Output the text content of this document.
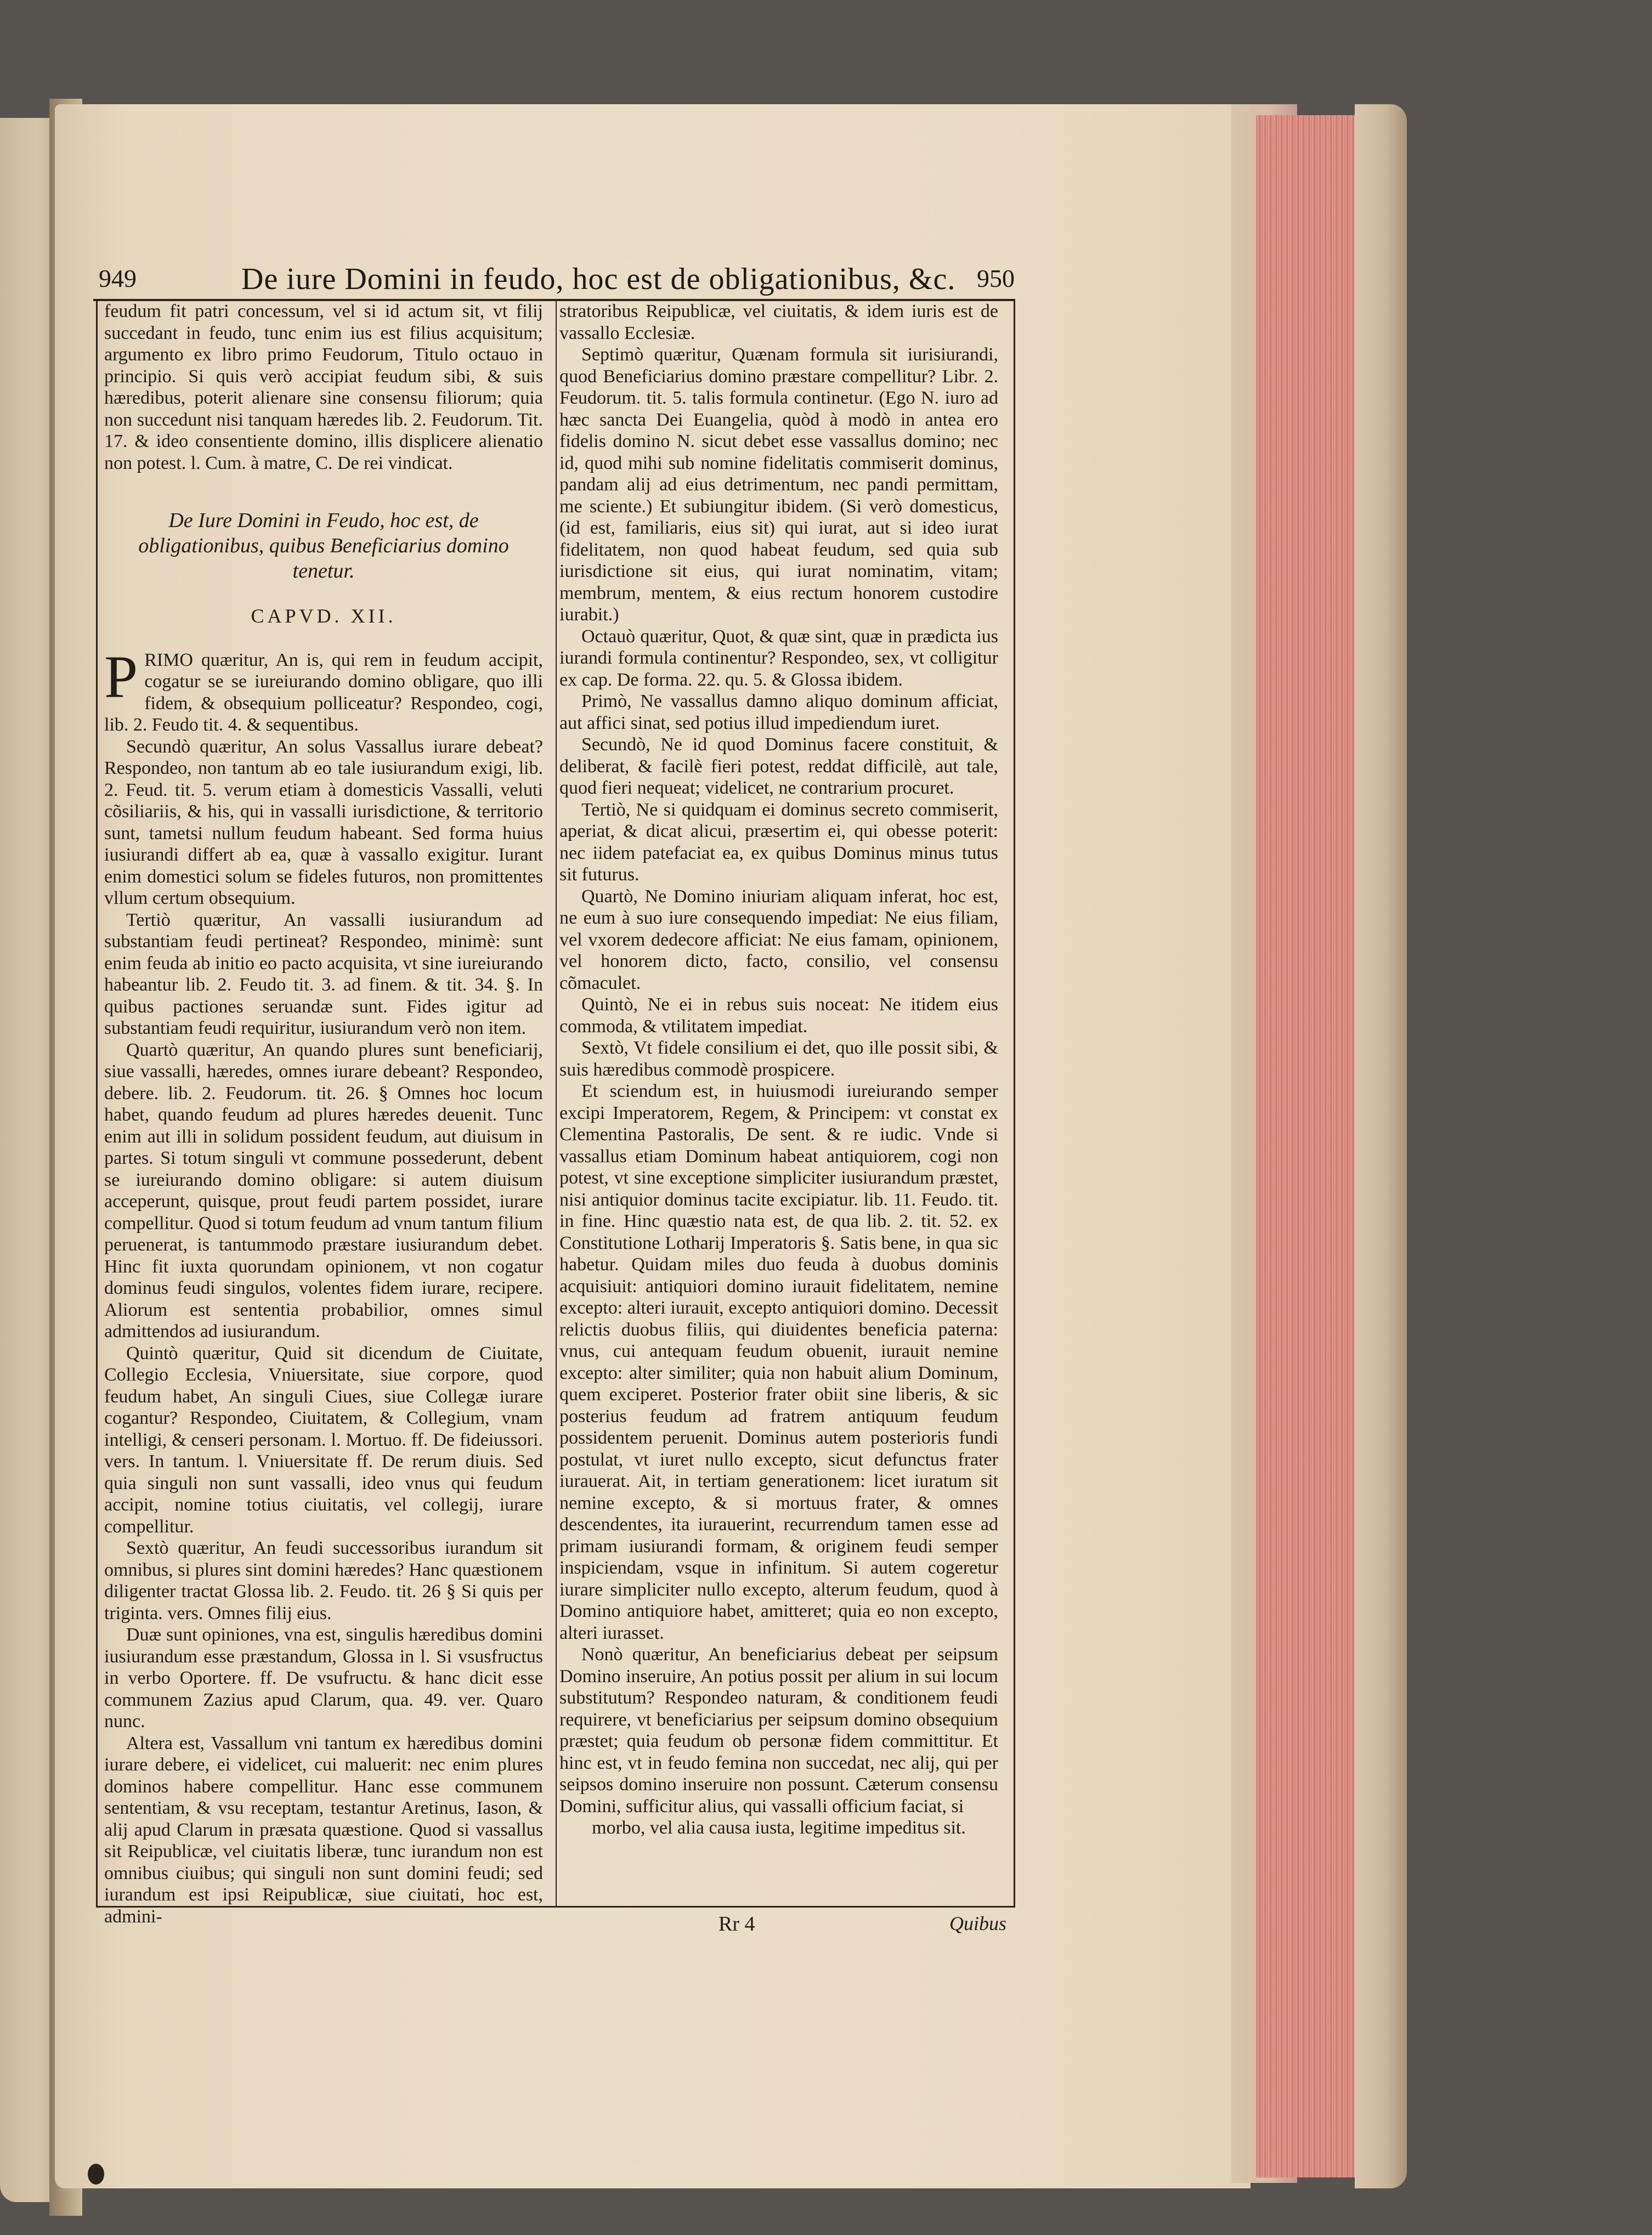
949	De iure Domini in feudo, hoc est de obligationibus, &c. 950

feudum fit patri concessum, vel si id actum sit, vt filij succedant in feudo, tunc enim ius est filius acquisitum; argumento ex libro primo Feudorum, Titulo octauo in principio. Si quis verò accipiat feudum sibi, & suis hæredibus, poterit alienare sine consensu filiorum; quia non succedunt nisi tanquam hæredes lib. 2. Feudorum. Tit. 17. & ideo consentiente domino, illis displicere alienatio non potest. l. Cum. à matre, C. De rei vindicat.

De Iure Domini in Feudo, hoc est, de obligationibus, quibus Beneficiarius domino tenetur.
CAPVD. XII.

P RIMO quæritur, An is, qui rem in feudum accipit, cogatur se se iureiurando domino obligare, quo illi fidem, & obsequium polliceatur? Respondeo, cogi, lib. 2. Feudo tit. 4. & sequentibus.

Secundò quæritur, An solus Vassallus iurare debeat? Respondeo, non tantum ab eo tale iusiurandum exigi, lib. 2. Feud. tit. 5. verum etiam à domesticis Vassalli, veluti cõsiliariis, & his, qui in vassalli iurisdictione, & territorio sunt, tametsi nullum feudum habeant. Sed forma huius iusiurandi differt ab ea, quæ à vassallo exigitur. Iurant enim domestici solum se fideles futuros, non promittentes vllum certum obsequium.

Tertiò quæritur, An vassalli iusiurandum ad substantiam feudi pertineat? Respondeo, minimè: sunt enim feuda ab initio eo pacto acquisita, vt sine iureiurando habeantur lib. 2. Feudo tit. 3. ad finem. & tit. 34. §. In quibus pactiones seruandæ sunt. Fides igitur ad substantiam feudi requiritur, iusiurandum verò non item.

Quartò quæritur, An quando plures sunt beneficiarij, siue vassalli, hæredes, omnes iurare debeant? Respondeo, debere. lib. 2. Feudorum. tit. 26. § Omnes hoc locum habet, quando feudum ad plures hæredes deuenit. Tunc enim aut illi in solidum possident feudum, aut diuisum in partes. Si totum singuli vt commune possederunt, debent se iureiurando domino obligare: si autem diuisum acceperunt, quisque, prout feudi partem possidet, iurare compellitur. Quod si totum feudum ad vnum tantum filium peruenerat, is tantummodo præstare iusiurandum debet. Hinc fit iuxta quorundam opinionem, vt non cogatur dominus feudi singulos, volentes fidem iurare, recipere. Aliorum est sententia probabilior, omnes simul admittendos ad iusiurandum.

Quintò quæritur, Quid sit dicendum de Ciuitate, Collegio Ecclesia, Vniuersitate, siue corpore, quod feudum habet, An singuli Ciues, siue Collegæ iurare cogantur? Respondeo, Ciuitatem, & Collegium, vnam intelligi, & censeri personam. l. Mortuo. ff. De fideiussori. vers. In tantum. l. Vniuersitate ff. De rerum diuis. Sed quia singuli non sunt vassalli, ideo vnus qui feudum accipit, nomine totius ciuitatis, vel collegij, iurare compellitur.

Sextò quæritur, An feudi successoribus iurandum sit omnibus, si plures sint domini hæredes? Hanc quæstionem diligenter tractat Glossa lib. 2. Feudo. tit. 26 § Si quis per triginta. vers. Omnes filij eius.

Duæ sunt opiniones, vna est, singulis hæredibus domini iusiurandum esse præstandum, Glossa in l. Si vsusfructus in verbo Oportere. ff. De vsufructu. & hanc dicit esse communem Zazius apud Clarum, qua. 49. ver. Quaro nunc.

Altera est, Vassallum vni tantum ex hæredibus domini iurare debere, ei videlicet, cui maluerit: nec enim plures dominos habere compellitur. Hanc esse communem sententiam, & vsu receptam, testantur Aretinus, Iason, & alij apud Clarum in præsata quæstione. Quod si vassallus sit Reipublicæ, vel ciuitatis liberæ, tunc iurandum non est omnibus ciuibus; qui singuli non sunt domini feudi; sed iurandum est ipsi Reipublicæ, siue ciuitati, hoc est, admini-

stratoribus Reipublicæ, vel ciuitatis, & idem iuris est de vassallo Ecclesiæ.

Septimò quæritur, Quænam formula sit iurisiurandi, quod Beneficiarius domino præstare compellitur? Libr. 2. Feudorum. tit. 5. talis formula continetur. (Ego N. iuro ad hæc sancta Dei Euangelia, quòd à modò in antea ero fidelis domino N. sicut debet esse vassallus domino; nec id, quod mihi sub nomine fidelitatis commiserit dominus, pandam alij ad eius detrimentum, nec pandi permittam, me sciente.) Et subiungitur ibidem. (Si verò domesticus, (id est, familiaris, eius sit) qui iurat, aut si ideo iurat fidelitatem, non quod habeat feudum, sed quia sub iurisdictione sit eius, qui iurat nominatim, vitam; membrum, mentem, & eius rectum honorem custodire iurabit.)

Octauò quæritur, Quot, & quæ sint, quæ in prædicta ius iurandi formula continentur? Respondeo, sex, vt colligitur ex cap. De forma. 22. qu. 5. & Glossa ibidem.

Primò, Ne vassallus damno aliquo dominum afficiat, aut affici sinat, sed potius illud impediendum iuret.

Secundò, Ne id quod Dominus facere constituit, & deliberat, & facilè fieri potest, reddat difficilè, aut tale, quod fieri nequeat; videlicet, ne contrarium procuret.

Tertiò, Ne si quidquam ei dominus secreto commiserit, aperiat, & dicat alicui, præsertim ei, qui obesse poterit: nec iidem patefaciat ea, ex quibus Dominus minus tutus sit futurus.

Quartò, Ne Domino iniuriam aliquam inferat, hoc est, ne eum à suo iure consequendo impediat: Ne eius filiam, vel vxorem dedecore afficiat: Ne eius famam, opinionem, vel honorem dicto, facto, consilio, vel consensu cõmaculet.

Quintò, Ne ei in rebus suis noceat: Ne itidem eius commoda, & vtilitatem impediat.

Sextò, Vt fidele consilium ei det, quo ille possit sibi, & suis hæredibus commodè prospicere.

Et sciendum est, in huiusmodi iureiurando semper excipi Imperatorem, Regem, & Principem: vt constat ex Clementina Pastoralis, De sent. & re iudic. Vnde si vassallus etiam Dominum habeat antiquiorem, cogi non potest, vt sine exceptione simpliciter iusiurandum præstet, nisi antiquior dominus tacite excipiatur. lib. 11. Feudo. tit. in fine. Hinc quæstio nata est, de qua lib. 2. tit. 52. ex Constitutione Lotharij Imperatoris §. Satis bene, in qua sic habetur. Quidam miles duo feuda à duobus dominis acquisiuit: antiquiori domino iurauit fidelitatem, nemine excepto: alteri iurauit, excepto antiquiori domino. Decessit relictis duobus filiis, qui diuidentes beneficia paterna: vnus, cui antequam feudum obuenit, iurauit nemine excepto: alter similiter; quia non habuit alium Dominum, quem exciperet. Posterior frater obiit sine liberis, & sic posterius feudum ad fratrem antiquum feudum possidentem peruenit. Dominus autem posterioris fundi postulat, vt iuret nullo excepto, sicut defunctus frater iurauerat. Ait, in tertiam generationem: licet iuratum sit nemine excepto, & si mortuus frater, & omnes descendentes, ita iurauerint, recurrendum tamen esse ad primam iusiurandi formam, & originem feudi semper inspiciendam, vsque in infinitum. Si autem cogeretur iurare simpliciter nullo excepto, alterum feudum, quod à Domino antiquiore habet, amitteret; quia eo non excepto, alteri iurasset.

Nonò quæritur, An beneficiarius debeat per seipsum Domino inseruire, An potius possit per alium in sui locum substitutum? Respondeo naturam, & conditionem feudi requirere, vt beneficiarius per seipsum domino obsequium præstet; quia feudum ob personæ fidem committitur. Et hinc est, vt in feudo femina non succedat, nec alij, qui per seipsos domino inseruire non possunt. Cæterum consensu Domini, sufficitur alius, qui vassalli officium faciat, si

morbo, vel alia causa iusta, legitime impeditus sit.

Rr 4	Quibus
